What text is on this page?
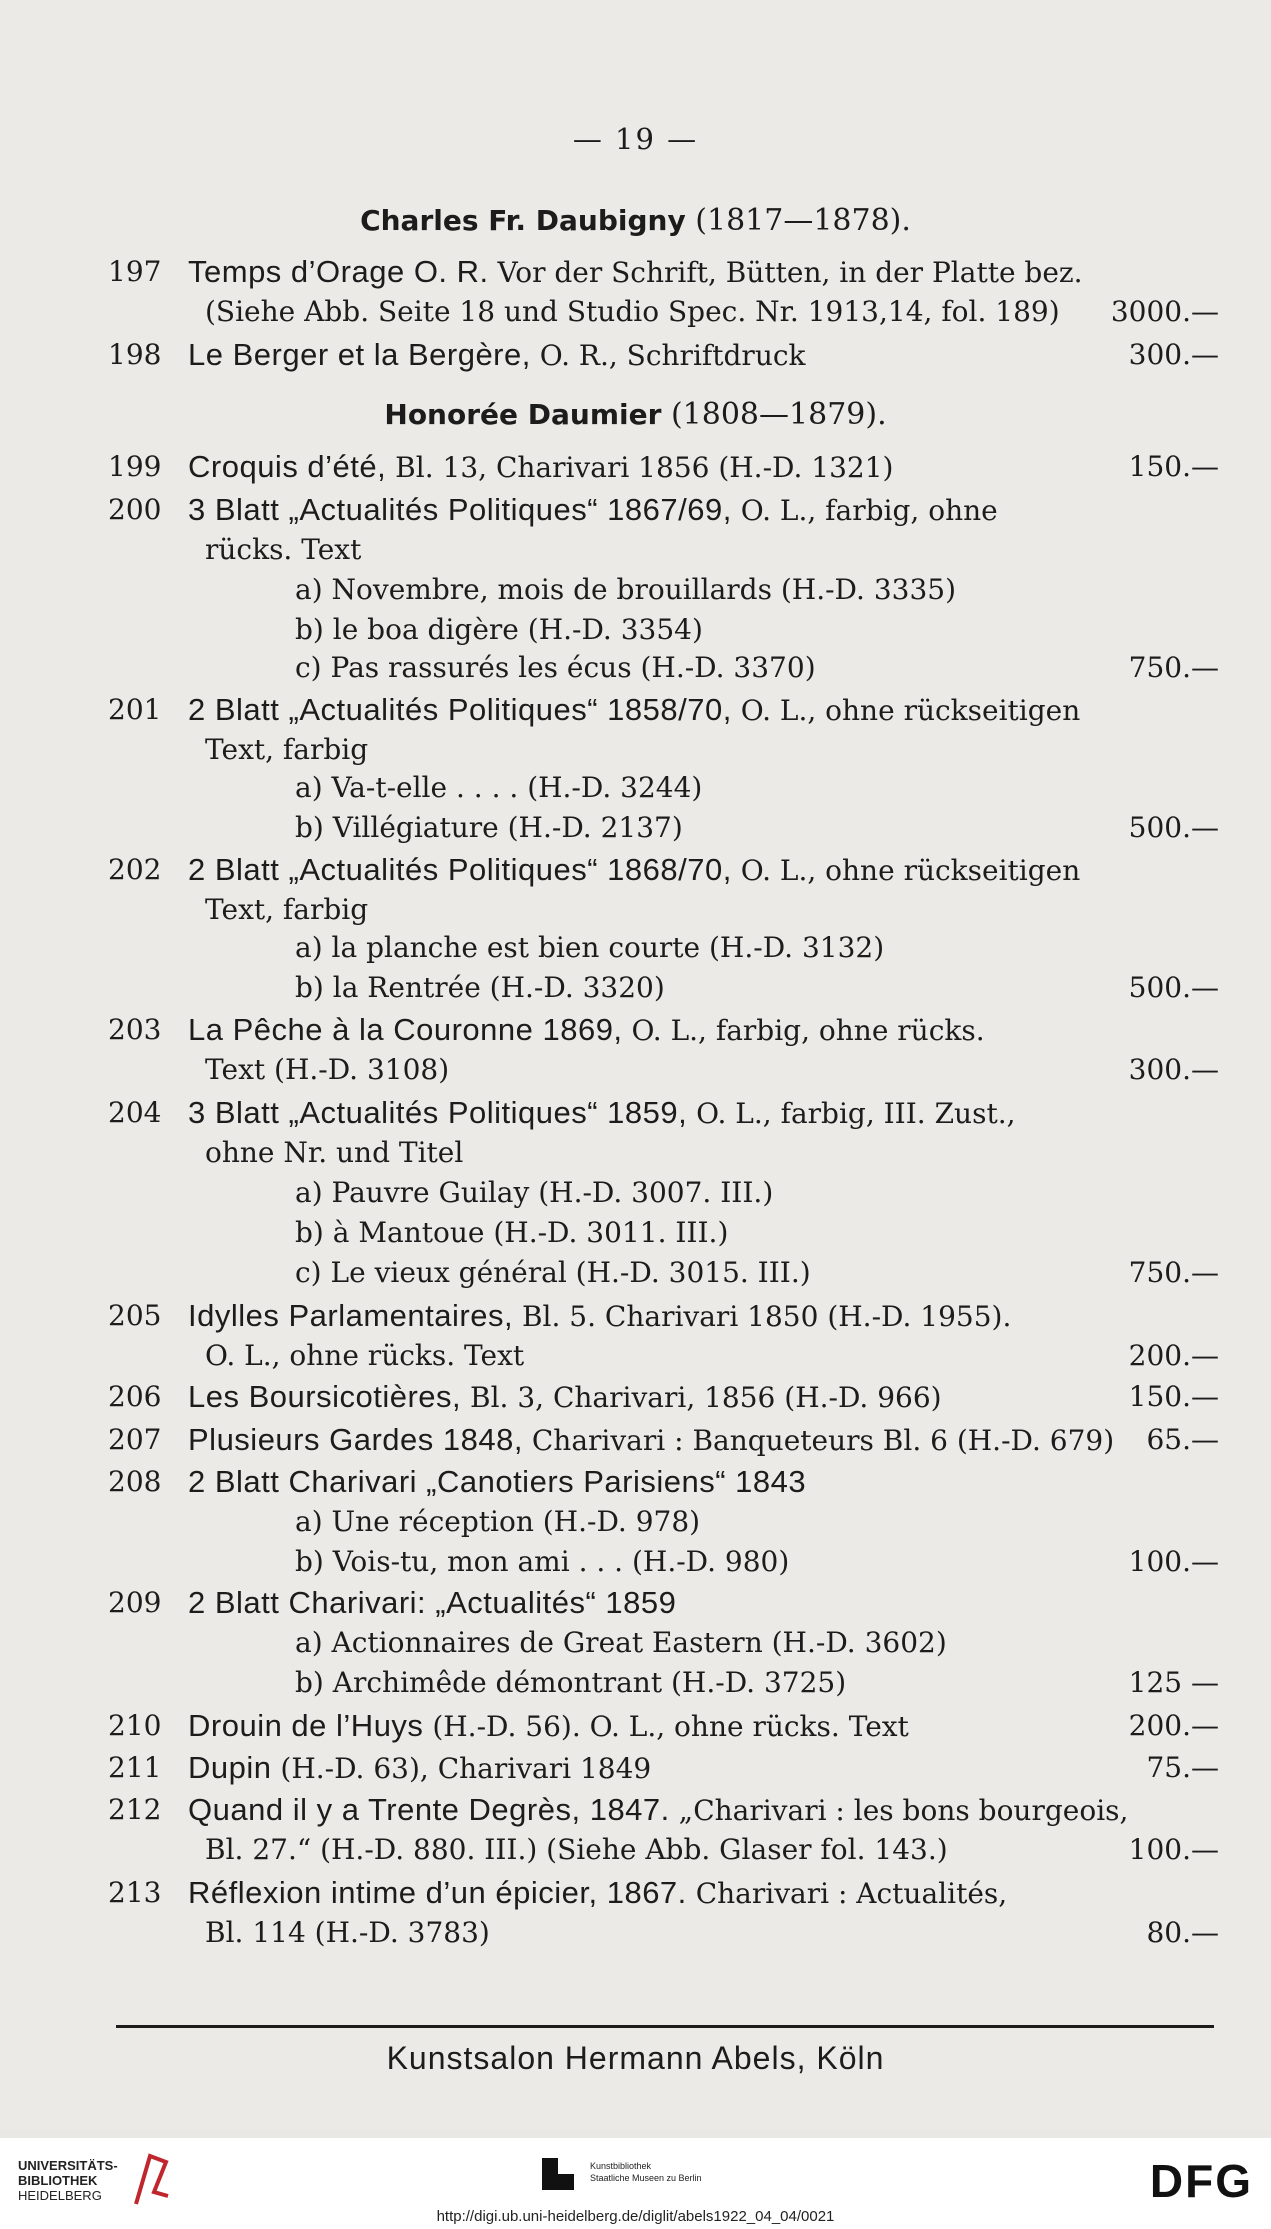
— 19 —
Charles Fr. Daubigny (1817—1878).
Honorée Daumier (1808—1879).
197 Temps d’Orage O. R. Vor der Schrift, Bütten, in der Platte bez.
(Siehe Abb. Seite 18 und Studio Spec. Nr. 1913,14, fol. 189) 3000.—
198 Le Berger et la Bergère, O. R., Schriftdruck	300.—
199 Croquis d’été, Bl. 13, Charivari 1856 (H.-D. 1321)	150.—
200 3 Blatt „Actualités Politiques“ 1867/69, O. L., farbig, ohne
rücks. Text
a) Novembre, mois de brouillards (H.-D. 3335)
b) le boa digère (H.-D. 3354)
c) Pas rassurés les écus (H.-D. 3370)	750.—
201 2 Blatt „Actualités Politiques“ 1858/70, O. L., ohne rückseitigen
Text, farbig
a) Va-t-elle . . . . (H.-D. 3244)
b) Villégiature (H.-D. 2137)	500.—
202 2 Blatt „Actualités Politiques“ 1868/70, O. L., ohne rückseitigen
Text, farbig
a) la planche est bien courte (H.-D. 3132)
b) la Rentrée (H.-D. 3320)	500.—
203 La Pêche à la Couronne 1869, O. L., farbig, ohne rücks.
Text (H.-D. 3108)	300.—
204 3 Blatt „Actualités Politiques“ 1859, O. L., farbig, III. Zust.,
ohne Nr. und Titel
a) Pauvre Guilay (H.-D. 3007. III.)
b) à Mantoue (H.-D. 3011. III.)
c) Le vieux général (H.-D. 3015. III.)	750.—
205 Idylles Parlamentaires, Bl. 5. Charivari 1850 (H.-D. 1955).
O. L., ohne rücks. Text	200.—
206 Les Boursicotières, Bl. 3, Charivari, 1856 (H.-D. 966)	150.—
207 Plusieurs Gardes 1848, Charivari : Banqueteurs Bl. 6 (H.-D. 679) 65.—
208 2 Blatt Charivari „Canotiers Parisiens“ 1843
a) Une réception (H.-D. 978)
b) Vois-tu, mon ami . . . (H.-D. 980)	100.—
209 2 Blatt Charivari: „Actualités“ 1859
a) Actionnaires de Great Eastern (H.-D. 3602)
b) Archimêde démontrant (H.-D. 3725)	125 —
210 Drouin de l’Huys (H.-D. 56). O. L., ohne rücks. Text	200.—
211 Dupin (H.-D. 63), Charivari 1849	75.—
212 Quand il y a Trente Degrès, 1847. „Charivari : les bons bourgeois,
Bl. 27.“ (H.-D. 880. III.) (Siehe Abb. Glaser fol. 143.)	100.—
213 Réflexion intime d’un épicier, 1867. Charivari : Actualités,
Bl. 114 (H.-D. 3783)	80.—
Kunstsalon Hermann Abels, Köln
UNIVERSITÄTS-
BIBLIOTHEK
HEIDELBERG
Kunstbibliothek
Staatliche Museen zu Berlin	DFG
http://digi.ub.uni-heidelberg.de/diglit/abels1922_04_04/0021
